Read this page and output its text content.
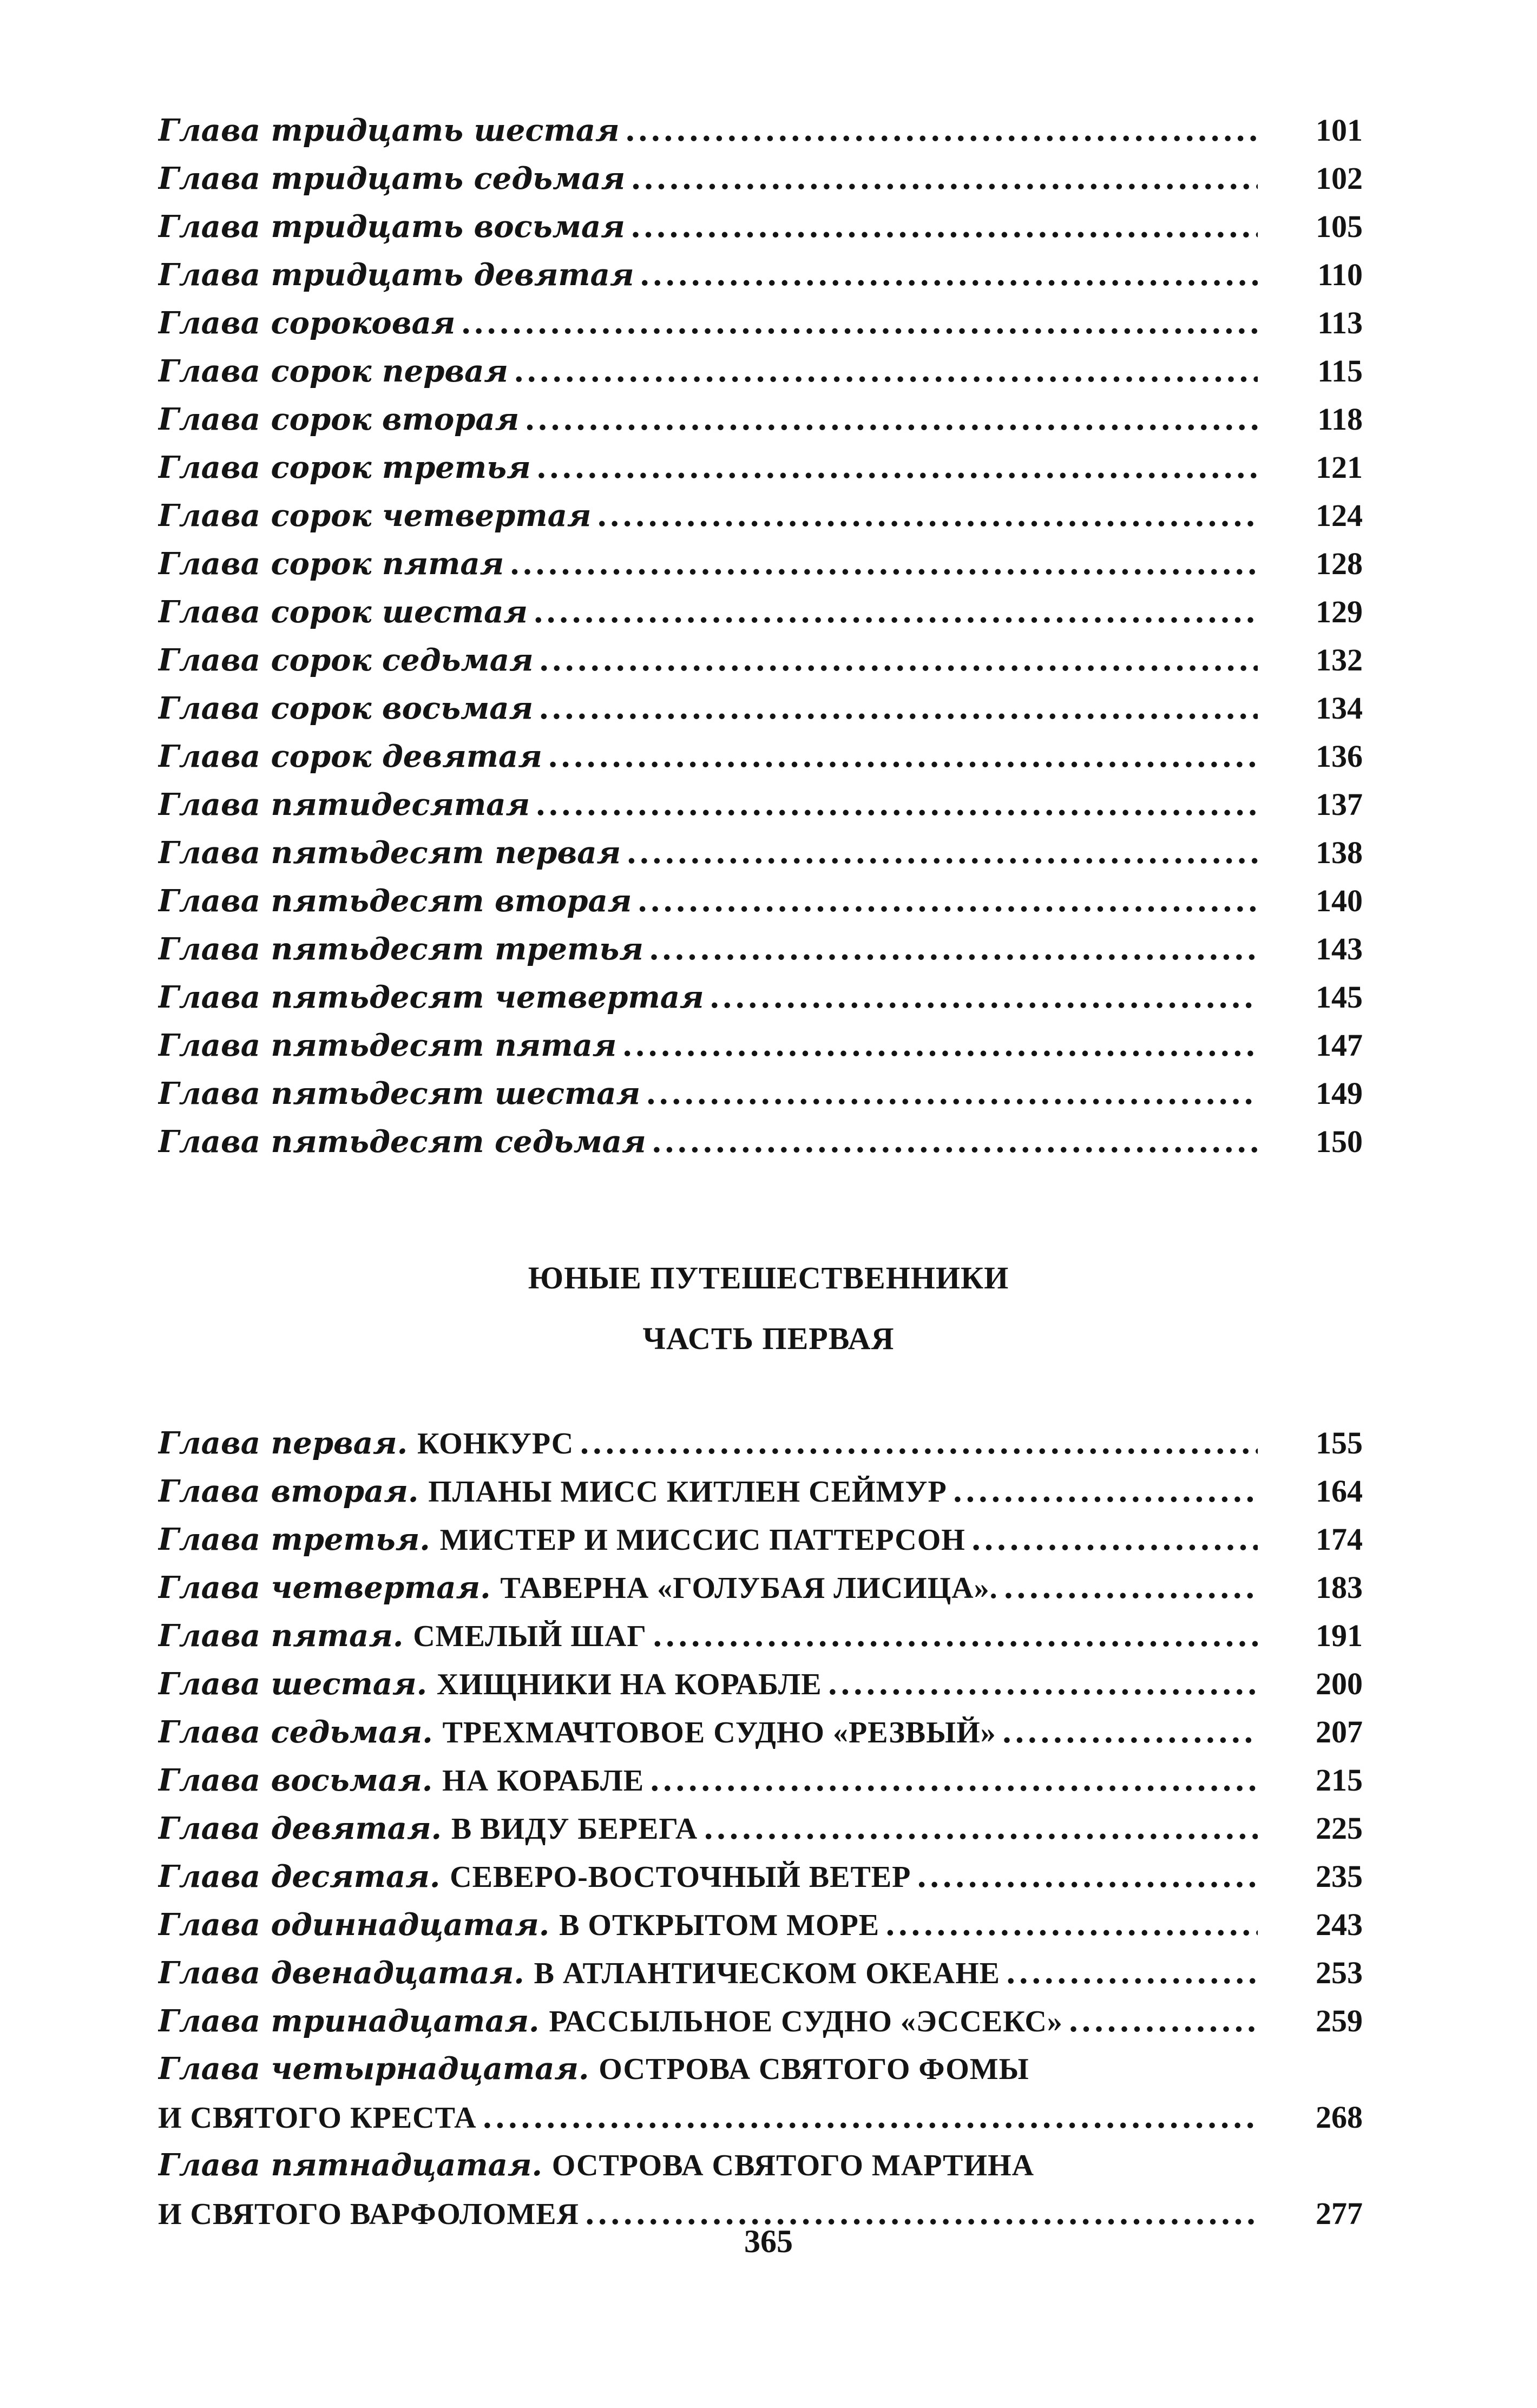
Глава тридцать шестая .....	101
Глава тридцать седьмая .....	102
Глава тридцать восьмая .....	105
Глава тридцать девятая .....	110
Глава сороковая .....	113
Глава сорок первая .....	115
Глава сорок вторая .....	118
Глава сорок третья .....	121
Глава сорок четвертая .....	124
Глава сорок пятая .....	128
Глава сорок шестая .....	129
Глава сорок седьмая .....	132
Глава сорок восьмая .....	134
Глава сорок девятая .....	136
Глава пятидесятая .....	137
Глава пятьдесят первая .....	138
Глава пятьдесят вторая .....	140
Глава пятьдесят третья .....	143
Глава пятьдесят четвертая .....	145
Глава пятьдесят пятая .....	147
Глава пятьдесят шестая .....	149
Глава пятьдесят седьмая .....	150
ЮНЫЕ ПУТЕШЕСТВЕННИКИ
ЧАСТЬ ПЕРВАЯ
Глава первая. КОНКУРС .....	155
Глава вторая. ПЛАНЫ МИСС КИТЛЕН СЕЙМУР .....	164
Глава третья. МИСТЕР И МИССИС ПАТТЕРСОН .....	174
Глава четвертая. ТАВЕРНА «ГОЛУБАЯ ЛИСИЦА». .....	183
Глава пятая. СМЕЛЫЙ ШАГ .....	191
Глава шестая. ХИЩНИКИ НА КОРАБЛЕ .....	200
Глава седьмая. ТРЕХМАЧТОВОЕ СУДНО «РЕЗВЫЙ» .....	207
Глава восьмая. НА КОРАБЛЕ .....	215
Глава девятая. В ВИДУ БЕРЕГА .....	225
Глава десятая. СЕВЕРО-ВОСТОЧНЫЙ ВЕТЕР .....	235
Глава одиннадцатая. В ОТКРЫТОМ МОРЕ .....	243
Глава двенадцатая. В АТЛАНТИЧЕСКОМ ОКЕАНЕ .....	253
Глава тринадцатая. РАССЫЛЬНОЕ СУДНО «ЭССЕКС» .....	259
Глава четырнадцатая. ОСТРОВА СВЯТОГО ФОМЫ
И СВЯТОГО КРЕСТА .....	268
Глава пятнадцатая. ОСТРОВА СВЯТОГО МАРТИНА
И СВЯТОГО ВАРФОЛОМЕЯ .....	277
365
